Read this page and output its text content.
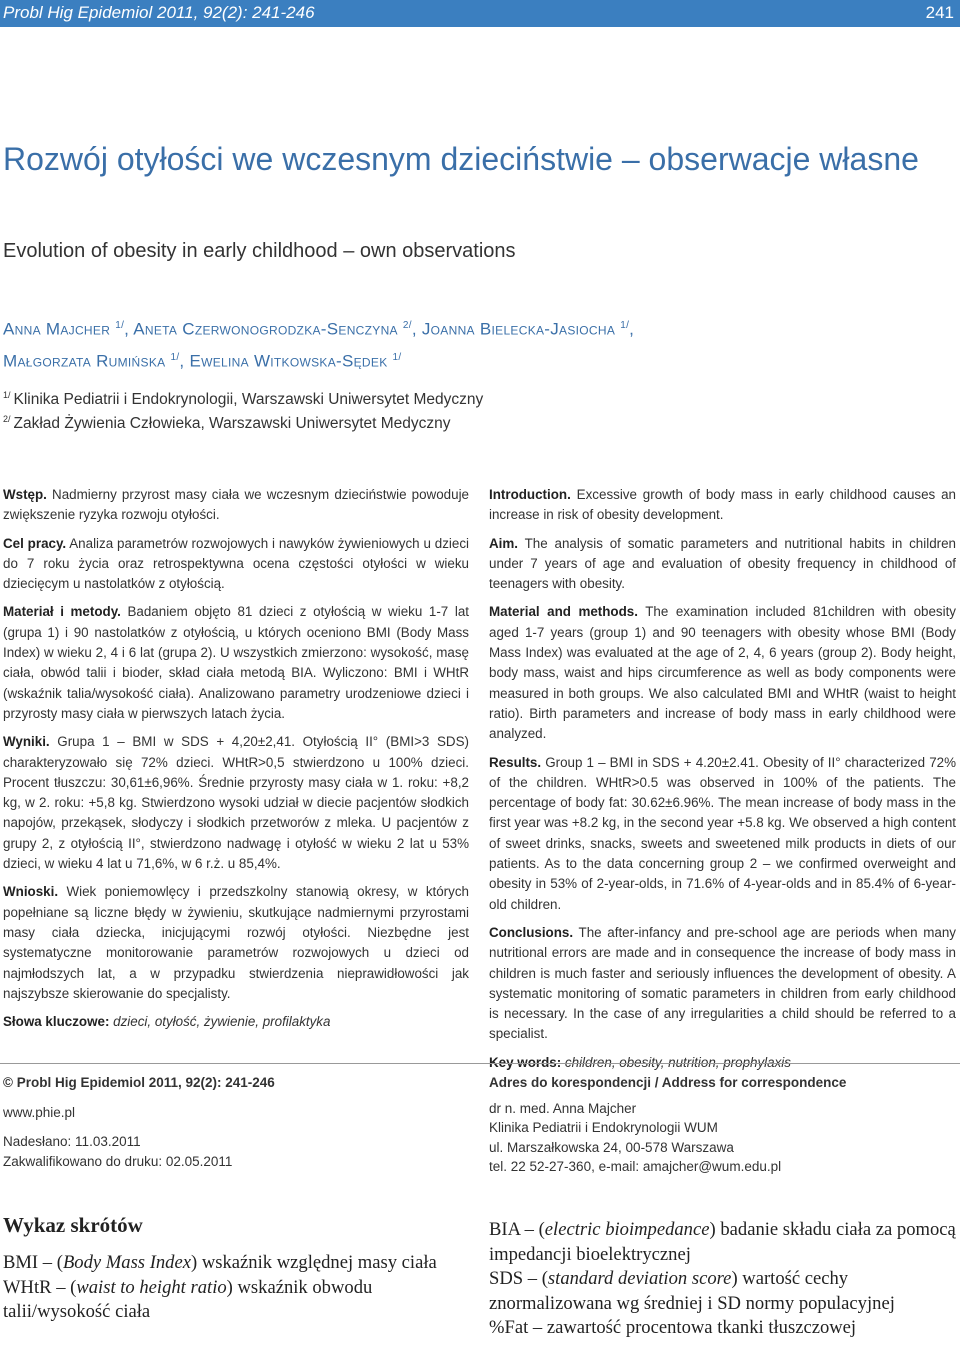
Probl Hig Epidemiol 2011, 92(2): 241-246	241
Rozwój otyłości we wczesnym dzieciństwie – obserwacje własne
Evolution of obesity in early childhood – own observations
Anna Majcher $^{1/}$, Aneta Czerwonogrodzka-Senczyna $^{2/}$, Joanna Bielecka-Jasiocha $^{1/}$,
Małgorzata Rumińska $^{1/}$, Ewelina Witkowska-Sędek $^{1/}$
$^{1/}$ Klinika Pediatrii i Endokrynologii, Warszawski Uniwersytet Medyczny
$^{2/}$ Zakład Żywienia Człowieka, Warszawski Uniwersytet Medyczny

Wstęp. Nadmierny przyrost masy ciała we wczesnym dzieciństwie powoduje zwiększenie ryzyka rozwoju otyłości.

Cel pracy. Analiza parametrów rozwojowych i nawyków żywieniowych u dzieci do 7 roku życia oraz retrospektywna ocena częstości otyłości w wieku dziecięcym u nastolatków z otyłością.

Materiał i metody. Badaniem objęto 81 dzieci z otyłością w wieku 1-7 lat (grupa 1) i 90 nastolatków z otyłością, u których oceniono BMI (Body Mass Index) w wieku 2, 4 i 6 lat (grupa 2). U wszystkich zmierzono: wysokość, masę ciała, obwód talii i bioder, skład ciała metodą BIA. Wyliczono: BMI i WHtR (wskaźnik talia/wysokość ciała). Analizowano parametry urodzeniowe dzieci i przyrosty masy ciała w pierwszych latach życia.

Wyniki. Grupa 1 – BMI w SDS + 4,20±2,41. Otyłością II° (BMI>3 SDS) charakteryzowało się 72% dzieci. WHtR>0,5 stwierdzono u 100% dzieci. Procent tłuszczu: 30,61±6,96%. Średnie przyrosty masy ciała w 1. roku: +8,2 kg, w 2. roku: +5,8 kg. Stwierdzono wysoki udział w diecie pacjentów słodkich napojów, przekąsek, słodyczy i słodkich przetworów z mleka. U pacjentów z grupy 2, z otyłością II°, stwierdzono nadwagę i otyłość w wieku 2 lat u 53% dzieci, w wieku 4 lat u 71,6%, w 6 r.ż. u 85,4%.

Wnioski. Wiek poniemowlęcy i przedszkolny stanowią okresy, w których popełniane są liczne błędy w żywieniu, skutkujące nadmiernymi przyrostami masy ciała dziecka, inicjującymi rozwój otyłości. Niezbędne jest systematyczne monitorowanie parametrów rozwojowych u dzieci od najmłodszych lat, a w przypadku stwierdzenia nieprawidłowości jak najszybsze skierowanie do specjalisty.

Słowa kluczowe: dzieci, otyłość, żywienie, profilaktyka

Introduction. Excessive growth of body mass in early childhood causes an increase in risk of obesity development.

Aim. The analysis of somatic parameters and nutritional habits in children under 7 years of age and evaluation of obesity frequency in childhood of teenagers with obesity.

Material and methods. The examination included 81children with obesity aged 1-7 years (group 1) and 90 teenagers with obesity whose BMI (Body Mass Index) was evaluated at the age of 2, 4, 6 years (group 2). Body height, body mass, waist and hips circumference as well as body components were measured in both groups. We also calculated BMI and WHtR (waist to height ratio). Birth parameters and increase of body mass in early childhood were analyzed.

Results. Group 1 – BMI in SDS + 4.20±2.41. Obesity of II° characterized 72% of the children. WHtR>0.5 was observed in 100% of the patients. The percentage of body fat: 30.62±6.96%. The mean increase of body mass in the first year was +8.2 kg, in the second year +5.8 kg. We observed a high content of sweet drinks, snacks, sweets and sweetened milk products in diets of our patients. As to the data concerning group 2 – we confirmed overweight and obesity in 53% of 2-year-olds, in 71.6% of 4-year-olds and in 85.4% of 6-year-old children.

Conclusions. The after-infancy and pre-school age are periods when many nutritional errors are made and in consequence the increase of body mass in children is much faster and seriously influences the development of obesity. A systematic monitoring of somatic parameters in children from early childhood is necessary. In the case of any irregularities a child should be referred to a specialist.

Key words: children, obesity, nutrition, prophylaxis

© Probl Hig Epidemiol 2011, 92(2): 241-246
www.phie.pl
Nadesłano: 11.03.2011
Zakwalifikowano do druku: 02.05.2011
Adres do korespondencji / Address for correspondence
dr n. med. Anna Majcher
Klinika Pediatrii i Endokrynologii WUM
ul. Marszałkowska 24, 00-578 Warszawa
tel. 22 52-27-360, e-mail: amajcher@wum.edu.pl
Wykaz skrótów

BMI – (Body Mass Index) wskaźnik względnej masy ciała

WHtR – (waist to height ratio) wskaźnik obwodu talii/wysokość ciała

BIA – (electric bioimpedance) badanie składu ciała za pomocą impedancji bioelektrycznej

SDS – (standard deviation score) wartość cechy znormalizowana wg średniej i SD normy populacyjnej

%Fat – zawartość procentowa tkanki tłuszczowej
